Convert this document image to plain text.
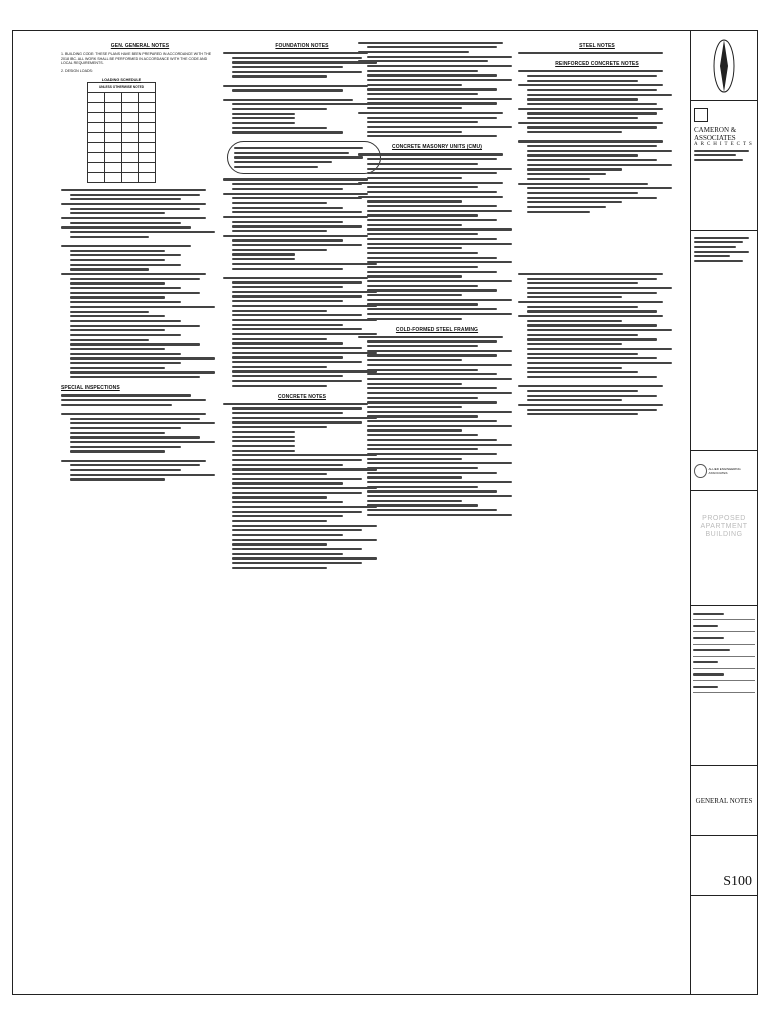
GEN. GENERAL NOTES
1. BUILDING CODE: THESE PLANS HAVE BEEN PREPARED IN ACCORDANCE WITH THE 2018 IBC. ALL WORK SHALL BE PERFORMED IN ACCORDANCE WITH THE CODE AND LOCAL REQUIREMENTS.
2. DESIGN LOADS:
LOADING SCHEDULE
UNLESS OTHERWISE NOTED			

SPECIAL INSPECTIONS
FOUNDATION NOTES
CONCRETE NOTES
CONCRETE MASONRY UNITS (CMU)
COLD-FORMED STEEL FRAMING
STEEL NOTES
REINFORCED CONCRETE NOTES
CAMERON & ASSOCIATES
ARCHITECTS
ALLIED ENGINEERING ASSOCIATES
PROPOSED
APARTMENT
BUILDING
GENERAL NOTES
S100
